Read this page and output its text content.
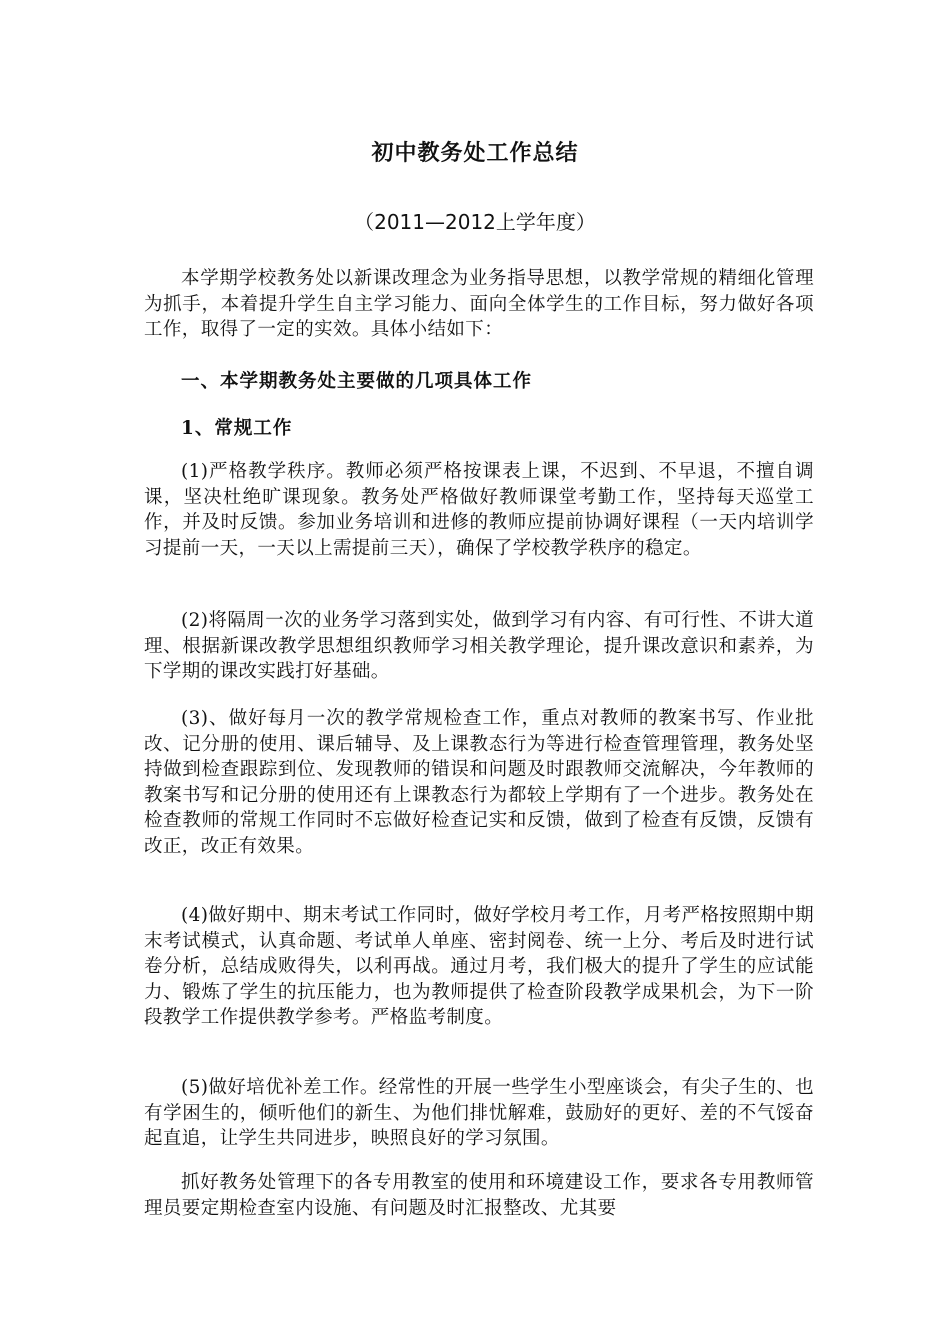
初中教务处工作总结
（2011—2012上学年度）

本学期学校教务处以新课改理念为业务指导思想，以教学常规的精细化管理为抓手，本着提升学生自主学习能力、面向全体学生的工作目标，努力做好各项工作，取得了一定的实效。具体小结如下：

一、本学期教务处主要做的几项具体工作

1、常规工作

(1)严格教学秩序。教师必须严格按课表上课，不迟到、不早退，不擅自调课，坚决杜绝旷课现象。教务处严格做好教师课堂考勤工作，坚持每天巡堂工作，并及时反馈。参加业务培训和进修的教师应提前协调好课程（一天内培训学习提前一天，一天以上需提前三天），确保了学校教学秩序的稳定。

(2)将隔周一次的业务学习落到实处，做到学习有内容、有可行性、不讲大道理、根据新课改教学思想组织教师学习相关教学理论，提升课改意识和素养，为下学期的课改实践打好基础。

(3)、做好每月一次的教学常规检查工作，重点对教师的教案书写、作业批改、记分册的使用、课后辅导、及上课教态行为等进行检查管理管理，教务处坚持做到检查跟踪到位、发现教师的错误和问题及时跟教师交流解决，今年教师的教案书写和记分册的使用还有上课教态行为都较上学期有了一个进步。教务处在检查教师的常规工作同时不忘做好检查记实和反馈，做到了检查有反馈，反馈有改正，改正有效果。

(4)做好期中、期末考试工作同时，做好学校月考工作，月考严格按照期中期末考试模式，认真命题、考试单人单座、密封阅卷、统一上分、考后及时进行试卷分析，总结成败得失，以利再战。通过月考，我们极大的提升了学生的应试能力、锻炼了学生的抗压能力，也为教师提供了检查阶段教学成果机会，为下一阶段教学工作提供教学参考。严格监考制度。

(5)做好培优补差工作。经常性的开展一些学生小型座谈会，有尖子生的、也有学困生的，倾听他们的新生、为他们排忧解难，鼓励好的更好、差的不气馁奋起直追，让学生共同进步，映照良好的学习氛围。

抓好教务处管理下的各专用教室的使用和环境建设工作，要求各专用教师管理员要定期检查室内设施、有问题及时汇报整改、尤其要
